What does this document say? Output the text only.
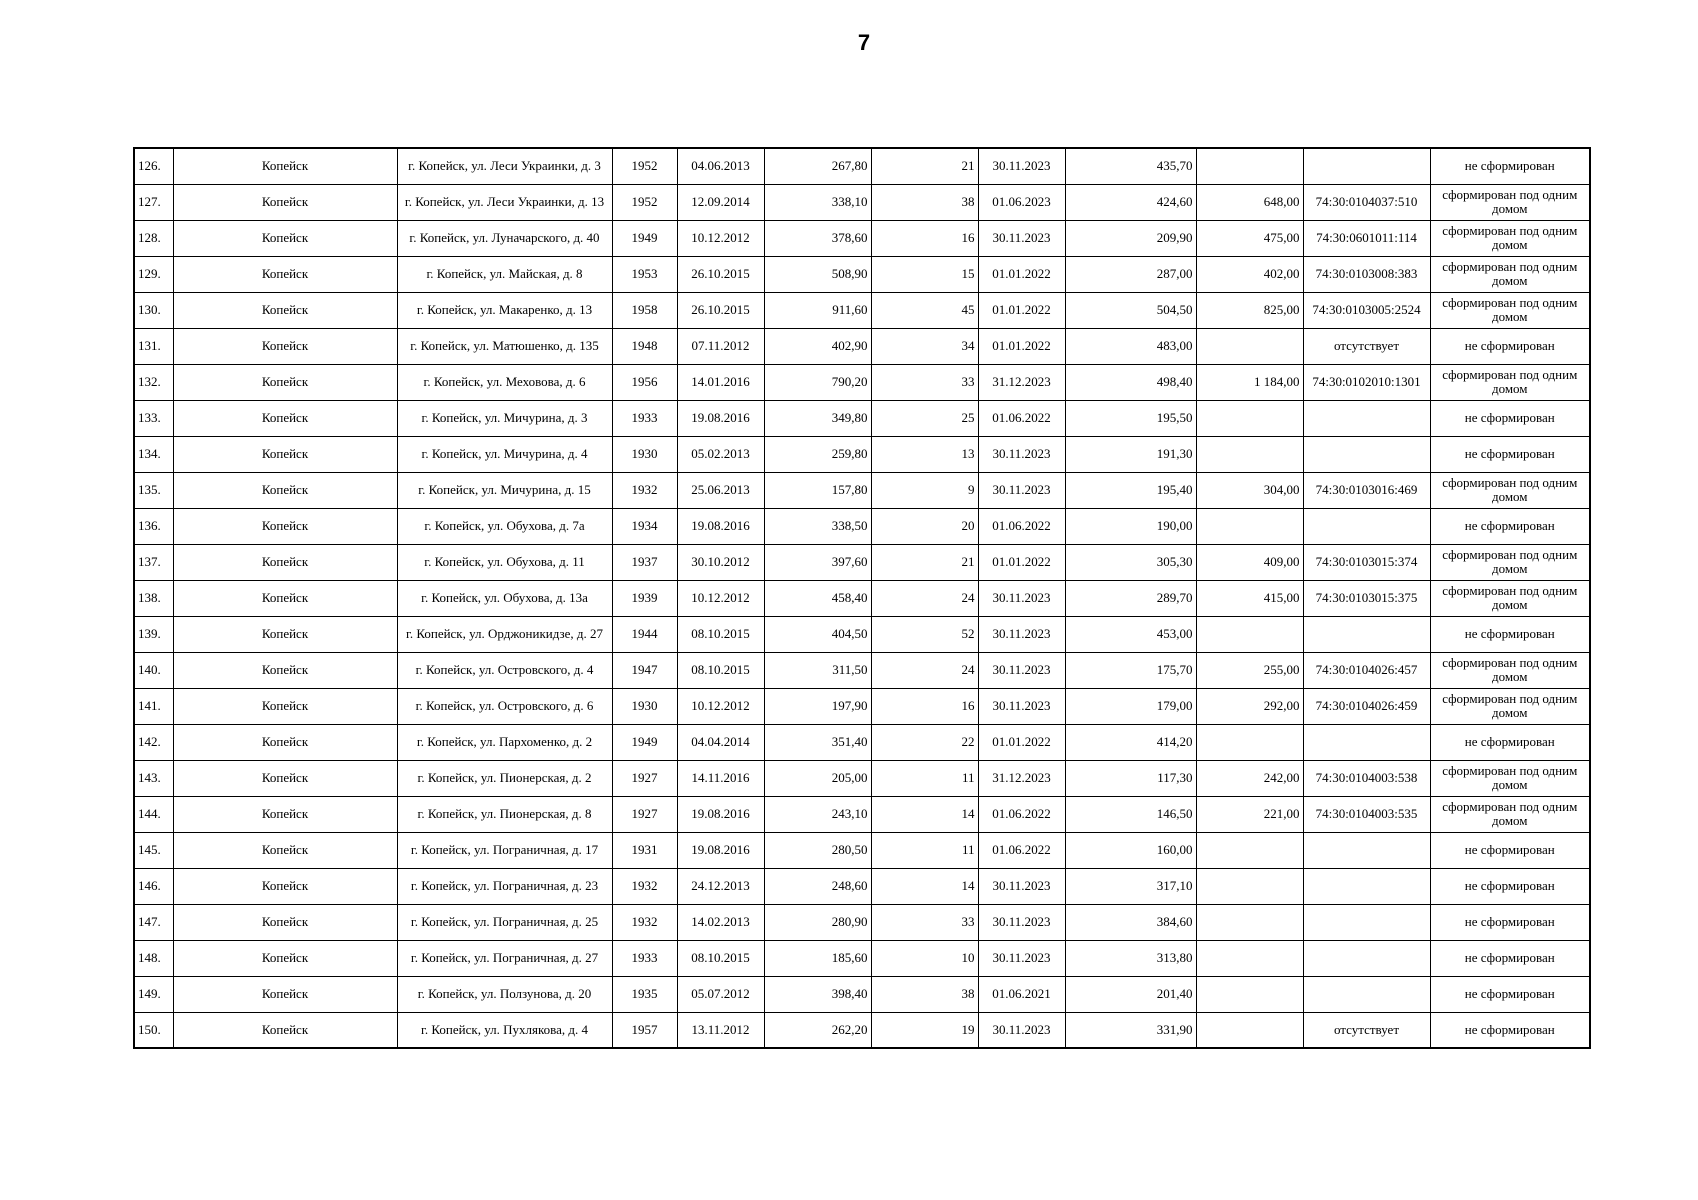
7
126.	Копейск	г. Копейск, ул. Леси Украинки, д. 3	1952	04.06.2013	267,80	21	30.11.2023	435,70			не сформирован
127.	Копейск	г. Копейск, ул. Леси Украинки, д. 13	1952	12.09.2014	338,10	38	01.06.2023	424,60	648,00	74:30:0104037:510	сформирован под одним домом
128.	Копейск	г. Копейск, ул. Луначарского, д. 40	1949	10.12.2012	378,60	16	30.11.2023	209,90	475,00	74:30:0601011:114	сформирован под одним домом
129.	Копейск	г. Копейск, ул. Майская, д. 8	1953	26.10.2015	508,90	15	01.01.2022	287,00	402,00	74:30:0103008:383	сформирован под одним домом
130.	Копейск	г. Копейск, ул. Макаренко, д. 13	1958	26.10.2015	911,60	45	01.01.2022	504,50	825,00	74:30:0103005:2524	сформирован под одним домом
131.	Копейск	г. Копейск, ул. Матюшенко, д. 135	1948	07.11.2012	402,90	34	01.01.2022	483,00		отсутствует	не сформирован
132.	Копейск	г. Копейск, ул. Меховова, д. 6	1956	14.01.2016	790,20	33	31.12.2023	498,40	1 184,00	74:30:0102010:1301	сформирован под одним домом
133.	Копейск	г. Копейск, ул. Мичурина, д. 3	1933	19.08.2016	349,80	25	01.06.2022	195,50			не сформирован
134.	Копейск	г. Копейск, ул. Мичурина, д. 4	1930	05.02.2013	259,80	13	30.11.2023	191,30			не сформирован
135.	Копейск	г. Копейск, ул. Мичурина, д. 15	1932	25.06.2013	157,80	9	30.11.2023	195,40	304,00	74:30:0103016:469	сформирован под одним домом
136.	Копейск	г. Копейск, ул. Обухова, д. 7а	1934	19.08.2016	338,50	20	01.06.2022	190,00			не сформирован
137.	Копейск	г. Копейск, ул. Обухова, д. 11	1937	30.10.2012	397,60	21	01.01.2022	305,30	409,00	74:30:0103015:374	сформирован под одним домом
138.	Копейск	г. Копейск, ул. Обухова, д. 13а	1939	10.12.2012	458,40	24	30.11.2023	289,70	415,00	74:30:0103015:375	сформирован под одним домом
139.	Копейск	г. Копейск, ул. Орджоникидзе, д. 27	1944	08.10.2015	404,50	52	30.11.2023	453,00			не сформирован
140.	Копейск	г. Копейск, ул. Островского, д. 4	1947	08.10.2015	311,50	24	30.11.2023	175,70	255,00	74:30:0104026:457	сформирован под одним домом
141.	Копейск	г. Копейск, ул. Островского, д. 6	1930	10.12.2012	197,90	16	30.11.2023	179,00	292,00	74:30:0104026:459	сформирован под одним домом
142.	Копейск	г. Копейск, ул. Пархоменко, д. 2	1949	04.04.2014	351,40	22	01.01.2022	414,20			не сформирован
143.	Копейск	г. Копейск, ул. Пионерская, д. 2	1927	14.11.2016	205,00	11	31.12.2023	117,30	242,00	74:30:0104003:538	сформирован под одним домом
144.	Копейск	г. Копейск, ул. Пионерская, д. 8	1927	19.08.2016	243,10	14	01.06.2022	146,50	221,00	74:30:0104003:535	сформирован под одним домом
145.	Копейск	г. Копейск, ул. Пограничная, д. 17	1931	19.08.2016	280,50	11	01.06.2022	160,00			не сформирован
146.	Копейск	г. Копейск, ул. Пограничная, д. 23	1932	24.12.2013	248,60	14	30.11.2023	317,10			не сформирован
147.	Копейск	г. Копейск, ул. Пограничная, д. 25	1932	14.02.2013	280,90	33	30.11.2023	384,60			не сформирован
148.	Копейск	г. Копейск, ул. Пограничная, д. 27	1933	08.10.2015	185,60	10	30.11.2023	313,80			не сформирован
149.	Копейск	г. Копейск, ул. Ползунова, д. 20	1935	05.07.2012	398,40	38	01.06.2021	201,40			не сформирован
150.	Копейск	г. Копейск, ул. Пухлякова, д. 4	1957	13.11.2012	262,20	19	30.11.2023	331,90		отсутствует	не сформирован
